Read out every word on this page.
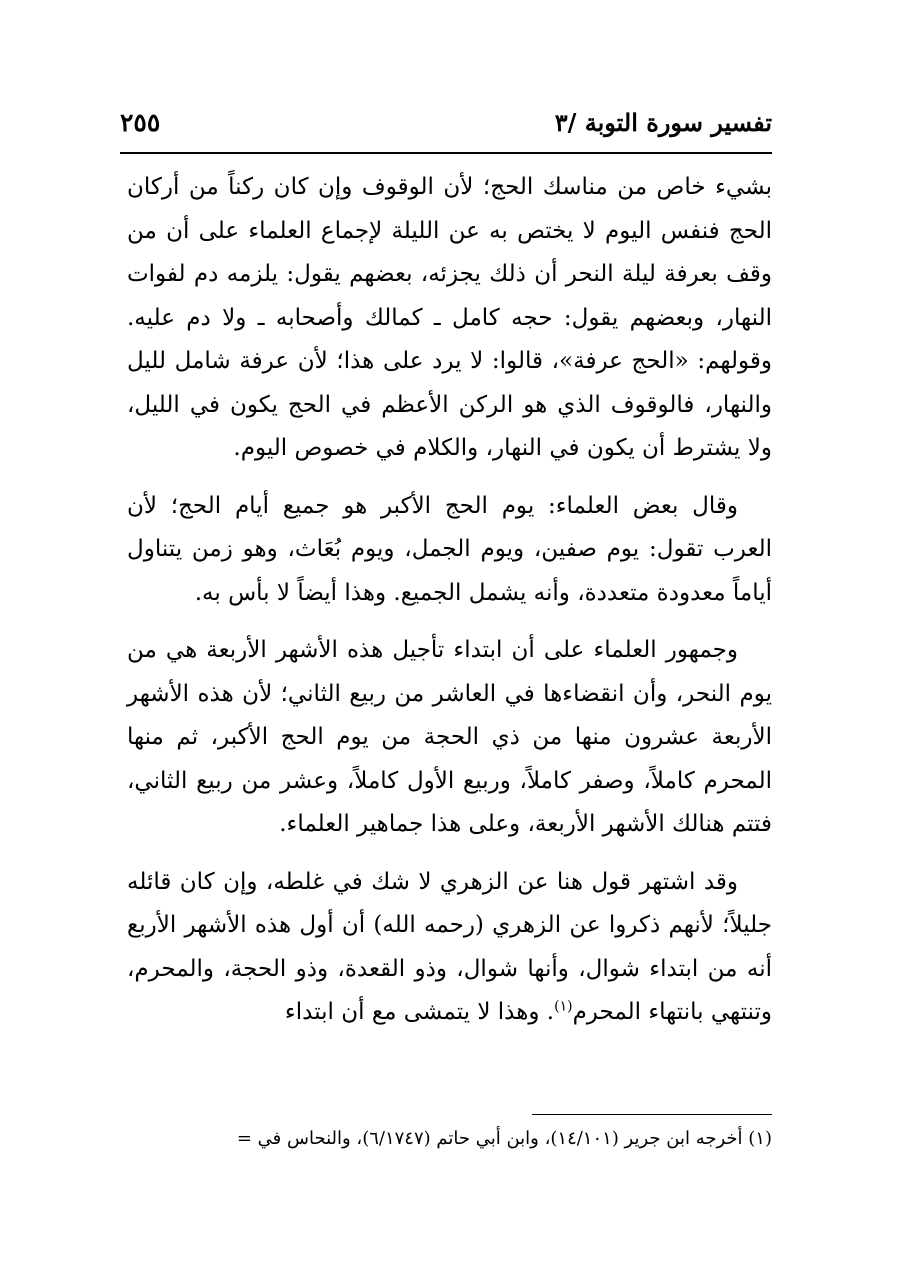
تفسير سورة التوبة /٣
٢٥٥

بشيء خاص من مناسك الحج؛ لأن الوقوف وإن كان ركناً من أركان الحج فنفس اليوم لا يختص به عن الليلة لإجماع العلماء على أن من وقف بعرفة ليلة النحر أن ذلك يجزئه، بعضهم يقول: يلزمه دم لفوات النهار، وبعضهم يقول: حجه كامل ـ كمالك وأصحابه ـ ولا دم عليه. وقولهم: «الحج عرفة»، قالوا: لا يرد على هذا؛ لأن عرفة شامل لليل والنهار، فالوقوف الذي هو الركن الأعظم في الحج يكون في الليل، ولا يشترط أن يكون في النهار، والكلام في خصوص اليوم.

وقال بعض العلماء: يوم الحج الأكبر هو جميع أيام الحج؛ لأن العرب تقول: يوم صفين، ويوم الجمل، ويوم بُعَاث، وهو زمن يتناول أياماً معدودة متعددة، وأنه يشمل الجميع. وهذا أيضاً لا بأس به.

وجمهور العلماء على أن ابتداء تأجيل هذه الأشهر الأربعة هي من يوم النحر، وأن انقضاءها في العاشر من ربيع الثاني؛ لأن هذه الأشهر الأربعة عشرون منها من ذي الحجة من يوم الحج الأكبر، ثم منها المحرم كاملاً، وصفر كاملاً، وربيع الأول كاملاً، وعشر من ربيع الثاني، فتتم هنالك الأشهر الأربعة، وعلى هذا جماهير العلماء.

وقد اشتهر قول هنا عن الزهري لا شك في غلطه، وإن كان قائله جليلاً؛ لأنهم ذكروا عن الزهري (رحمه الله) أن أول هذه الأشهر الأربع أنه من ابتداء شوال، وأنها شوال، وذو القعدة، وذو الحجة، والمحرم، وتنتهي بانتهاء المحرم$^{(١)}$. وهذا لا يتمشى مع أن ابتداء

(١) أخرجه ابن جرير (١٤/١٠١)، وابن أبي حاتم (٦/١٧٤٧)، والنحاس في =
